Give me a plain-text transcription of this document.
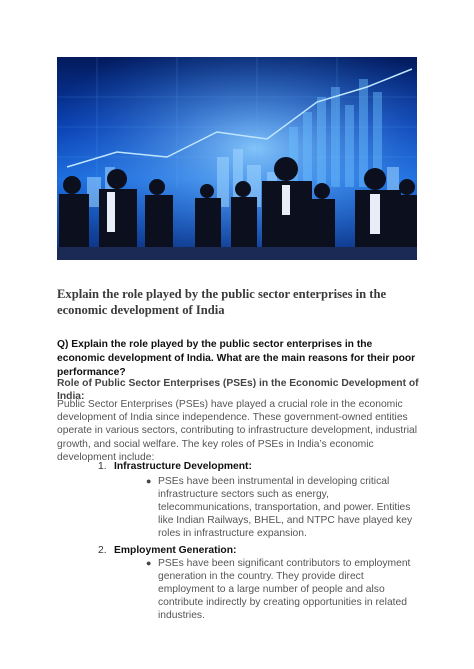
Explain the role played by the public sector enterprises in the economic development of India

Q) Explain the role played by the public sector enterprises in the economic development of India. What are the main reasons for their poor performance?

Role of Public Sector Enterprises (PSEs) in the Economic Development of India:

Public Sector Enterprises (PSEs) have played a crucial role in the economic development of India since independence. These government-owned entities operate in various sectors, contributing to infrastructure development, industrial growth, and social welfare. The key roles of PSEs in India’s economic development include:

1. Infrastructure Development:
● PSEs have been instrumental in developing critical infrastructure sectors such as energy, telecommunications, transportation, and power. Entities like Indian Railways, BHEL, and NTPC have played key roles in infrastructure expansion.
2. Employment Generation:
● PSEs have been significant contributors to employment generation in the country. They provide direct employment to a large number of people and also contribute indirectly by creating opportunities in related industries.
